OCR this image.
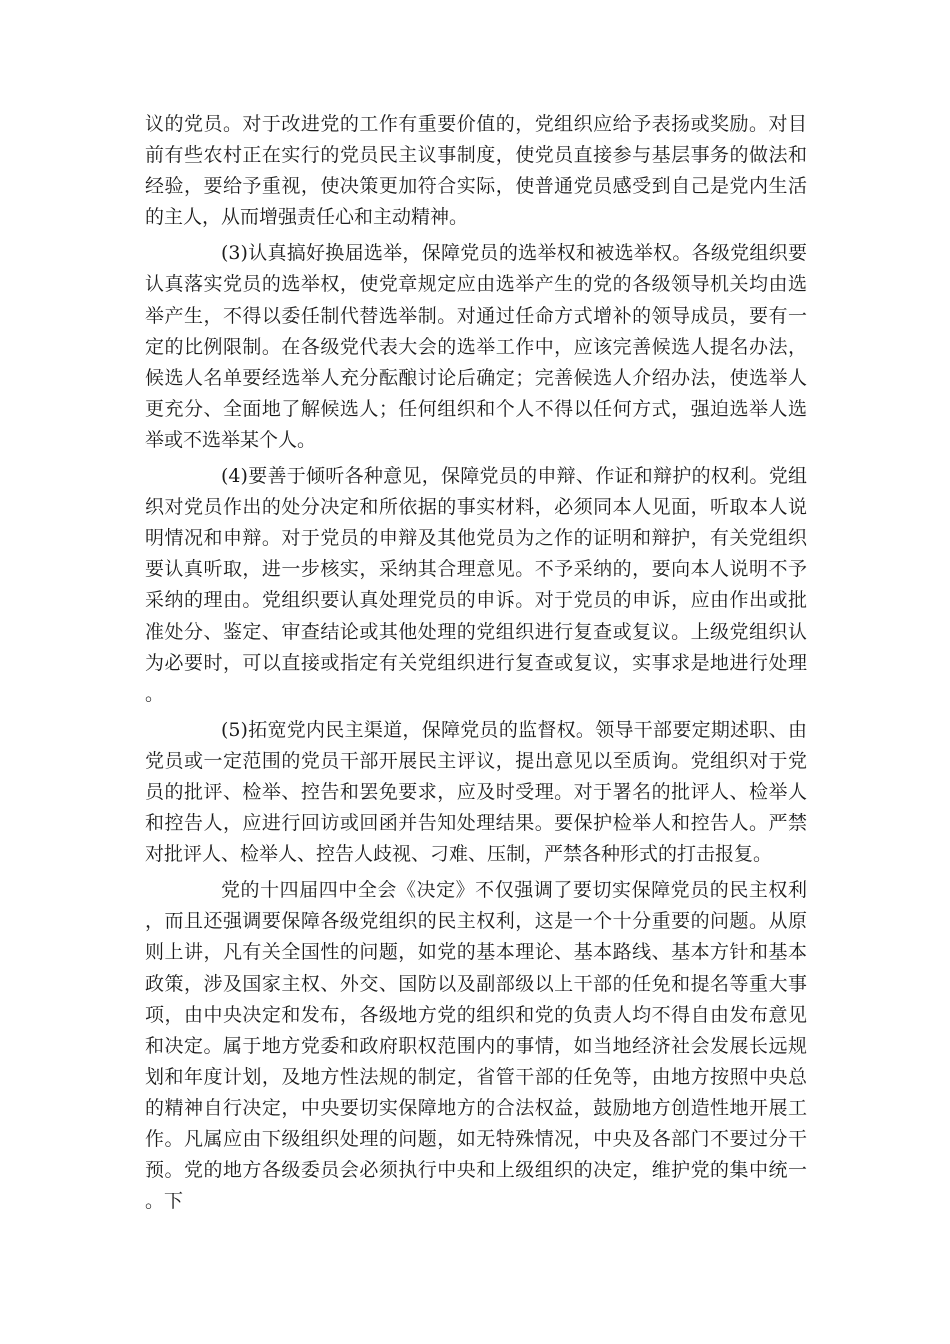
议的党员。对于改进党的工作有重要价值的，党组织应给予表扬或奖励。对目前有些农村正在实行的党员民主议事制度，使党员直接参与基层事务的做法和经验，要给予重视，使决策更加符合实际，使普通党员感受到自己是党内生活的主人，从而增强责任心和主动精神。

(3)认真搞好换届选举，保障党员的选举权和被选举权。各级党组织要认真落实党员的选举权，使党章规定应由选举产生的党的各级领导机关均由选举产生，不得以委任制代替选举制。对通过任命方式增补的领导成员，要有一定的比例限制。在各级党代表大会的选举工作中，应该完善候选人提名办法，候选人名单要经选举人充分酝酿讨论后确定；完善候选人介绍办法，使选举人更充分、全面地了解候选人；任何组织和个人不得以任何方式，强迫选举人选举或不选举某个人。

(4)要善于倾听各种意见，保障党员的申辩、作证和辩护的权利。党组织对党员作出的处分决定和所依据的事实材料，必须同本人见面，听取本人说明情况和申辩。对于党员的申辩及其他党员为之作的证明和辩护，有关党组织要认真听取，进一步核实，采纳其合理意见。不予采纳的，要向本人说明不予采纳的理由。党组织要认真处理党员的申诉。对于党员的申诉，应由作出或批准处分、鉴定、审查结论或其他处理的党组织进行复查或复议。上级党组织认为必要时，可以直接或指定有关党组织进行复查或复议，实事求是地进行处理。

(5)拓宽党内民主渠道，保障党员的监督权。领导干部要定期述职、由党员或一定范围的党员干部开展民主评议，提出意见以至质询。党组织对于党员的批评、检举、控告和罢免要求，应及时受理。对于署名的批评人、检举人和控告人，应进行回访或回函并告知处理结果。要保护检举人和控告人。严禁对批评人、检举人、控告人歧视、刁难、压制，严禁各种形式的打击报复。

党的十四届四中全会《决定》不仅强调了要切实保障党员的民主权利，而且还强调要保障各级党组织的民主权利，这是一个十分重要的问题。从原则上讲，凡有关全国性的问题，如党的基本理论、基本路线、基本方针和基本政策，涉及国家主权、外交、国防以及副部级以上干部的任免和提名等重大事项，由中央决定和发布，各级地方党的组织和党的负责人均不得自由发布意见和决定。属于地方党委和政府职权范围内的事情，如当地经济社会发展长远规划和年度计划，及地方性法规的制定，省管干部的任免等，由地方按照中央总的精神自行决定，中央要切实保障地方的合法权益，鼓励地方创造性地开展工作。凡属应由下级组织处理的问题，如无特殊情况，中央及各部门不要过分干预。党的地方各级委员会必须执行中央和上级组织的决定，维护党的集中统一。下
